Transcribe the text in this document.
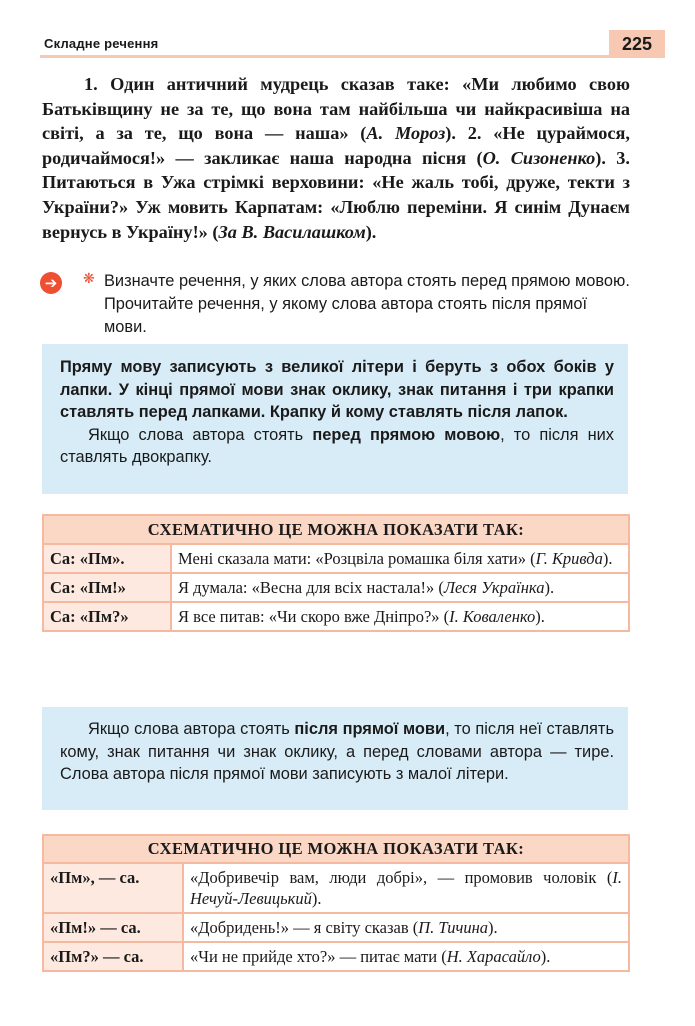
Складне речення	225

1. Один античний мудрець сказав таке: «Ми любимо свою Батьківщину не за те, що вона там найбільша чи найкрасивіша на світі, а за те, що вона — наша» (А. Мороз). 2. «Не цураймося, родичаймося!» — закликає наша народна пісня (О. Сизоненко). 3. Питаються в Ужа стрімкі верховини: «Не жаль тобі, друже, текти з України?» Уж мовить Карпатам: «Люблю переміни. Я синім Дунаєм вернусь в Україну!» (За В. Василашком).

➔	❋ Визначте речення, у яких слова автора стоять перед прямою мовою. Прочитайте речення, у якому слова автора стоять після прямої мови.
Пряму мову записують з великої літери і беруть з обох боків у лапки. У кінці прямої мови знак оклику, знак питання і три крапки ставлять перед лапками. Крапку й кому ставлять після лапок.

Якщо слова автора стоять перед прямою мовою, то після них ставлять двокрапку.

СХЕМАТИЧНО ЦЕ МОЖНА ПОКАЗАТИ ТАК:	
Са: «Пм».	Мені сказала мати: «Розцвіла ромашка біля хати» (Г. Кривда).
Са: «Пм!»	Я думала: «Весна для всіх настала!» (Леся Українка).
Са: «Пм?»	Я все питав: «Чи скоро вже Дніпро?» (І. Коваленко).

Якщо слова автора стоять після прямої мови, то після неї ставлять кому, знак питання чи знак оклику, а перед словами автора — тире. Слова автора після прямої мови записують з малої літери.

СХЕМАТИЧНО ЦЕ МОЖНА ПОКАЗАТИ ТАК:	
«Пм», — са.	«Добривечір вам, люди добрі», — промовив чоловік (І. Нечуй-Левицький).
«Пм!» — са.	«Добридень!» — я світу сказав (П. Тичина).
«Пм?» — са.	«Чи не прийде хто?» — питає мати (Н. Харасайло).
